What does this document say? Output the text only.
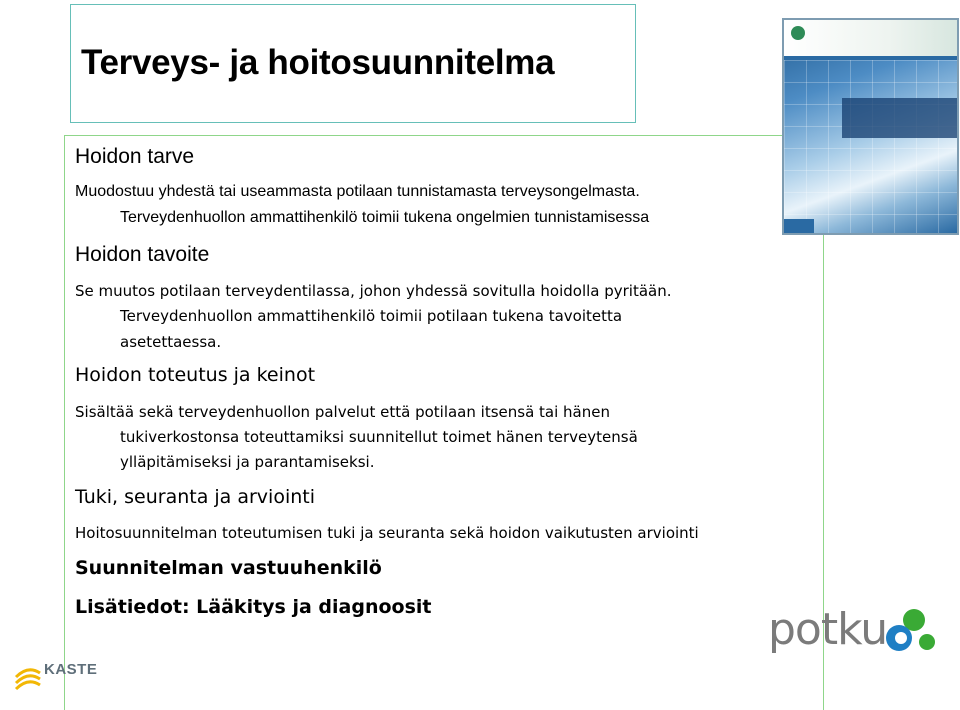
Terveys- ja hoitosuunnitelma
Hoidon tarve
Muodostuu yhdestä tai useammasta potilaan tunnistamasta terveysongelmasta.
Terveydenhuollon ammattihenkilö toimii tukena ongelmien tunnistamisessa
Hoidon tavoite
Se muutos potilaan terveydentilassa, johon yhdessä sovitulla hoidolla pyritään.
Terveydenhuollon ammattihenkilö toimii potilaan tukena tavoitetta
asetettaessa.
Hoidon toteutus ja keinot
Sisältää sekä terveydenhuollon palvelut että potilaan itsensä tai hänen
tukiverkostonsa toteuttamiksi suunnitellut toimet hänen terveytensä
ylläpitämiseksi ja parantamiseksi.
Tuki, seuranta ja arviointi
Hoitosuunnitelman toteutumisen tuki ja seuranta sekä hoidon vaikutusten arviointi
Suunnitelman vastuuhenkilö
Lisätiedot: Lääkitys ja diagnoosit
KASTE
potku
